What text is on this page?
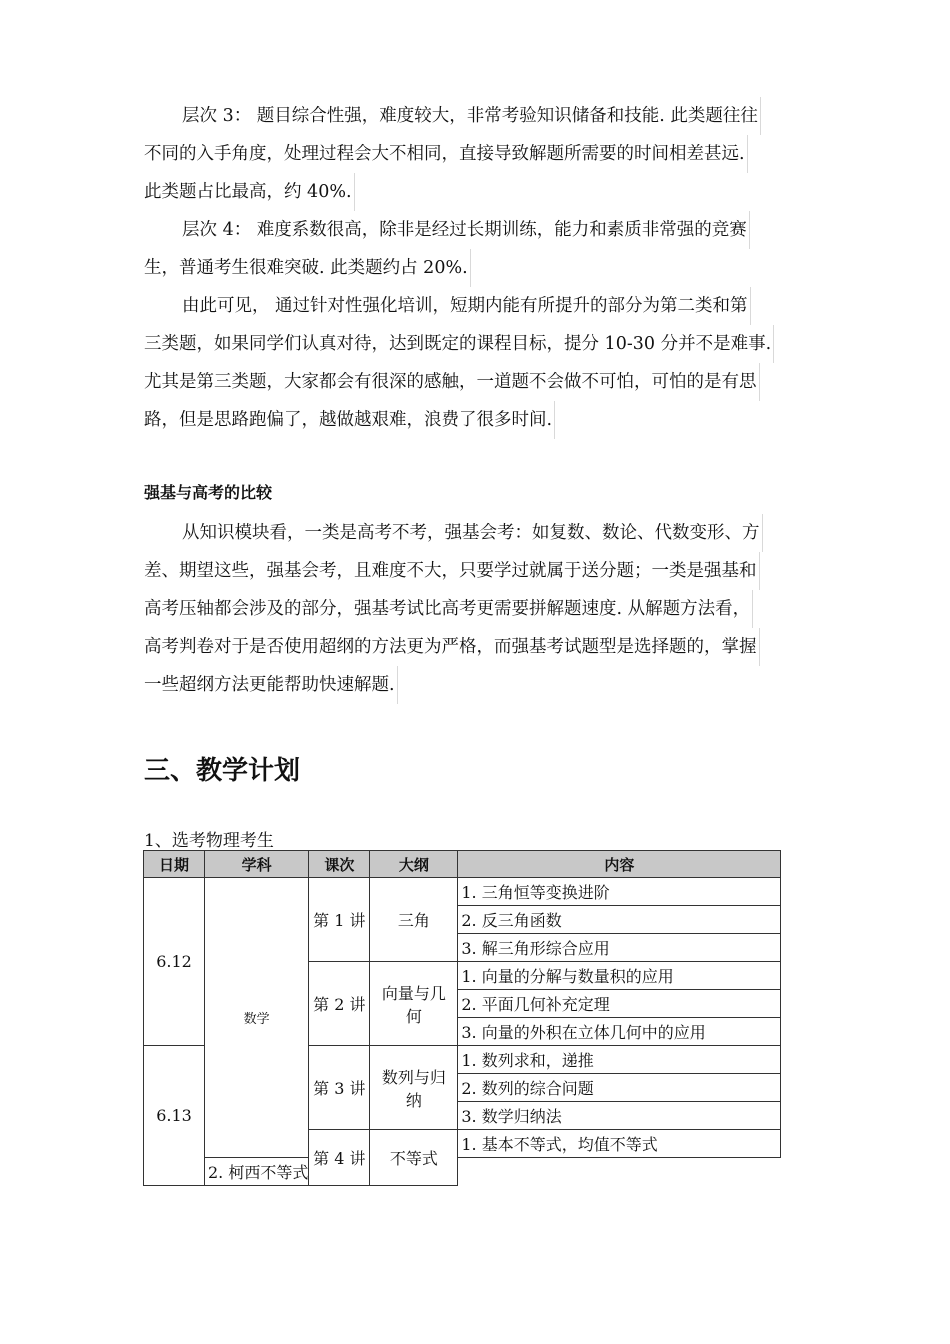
层次 3： 题目综合性强，难度较大，非常考验知识储备和技能. 此类题往往
不同的入手角度，处理过程会大不相同，直接导致解题所需要的时间相差甚远.
此类题占比最高，约 40%.
层次 4： 难度系数很高，除非是经过长期训练，能力和素质非常强的竞赛
生，普通考生很难突破. 此类题约占 20%.
由此可见， 通过针对性强化培训，短期内能有所提升的部分为第二类和第
三类题，如果同学们认真对待，达到既定的课程目标，提分 10-30 分并不是难事.
尤其是第三类题，大家都会有很深的感触，一道题不会做不可怕，可怕的是有思
路，但是思路跑偏了，越做越艰难，浪费了很多时间.
强基与高考的比较
从知识模块看，一类是高考不考，强基会考：如复数、数论、代数变形、方
差、期望这些，强基会考，且难度不大，只要学过就属于送分题；一类是强基和
高考压轴都会涉及的部分，强基考试比高考更需要拼解题速度. 从解题方法看，
高考判卷对于是否使用超纲的方法更为严格，而强基考试题型是选择题的，掌握
一些超纲方法更能帮助快速解题.
三、教学计划
1、选考物理考生
日期	学科	课次	大纲	内容
6.12	数学	第 1 讲	三角	1. 三角恒等变换进阶
				2. 反三角函数
				3. 解三角形综合应用
		第 2 讲	向量与几何	1. 向量的分解与数量积的应用
				2. 平面几何补充定理
				3. 向量的外积在立体几何中的应用
6.13		第 3 讲	数列与归纳	1. 数列求和，递推
				2. 数列的综合问题
				3. 数学归纳法
		第 4 讲	不等式	1. 基本不等式，均值不等式
	2. 柯西不等式			
